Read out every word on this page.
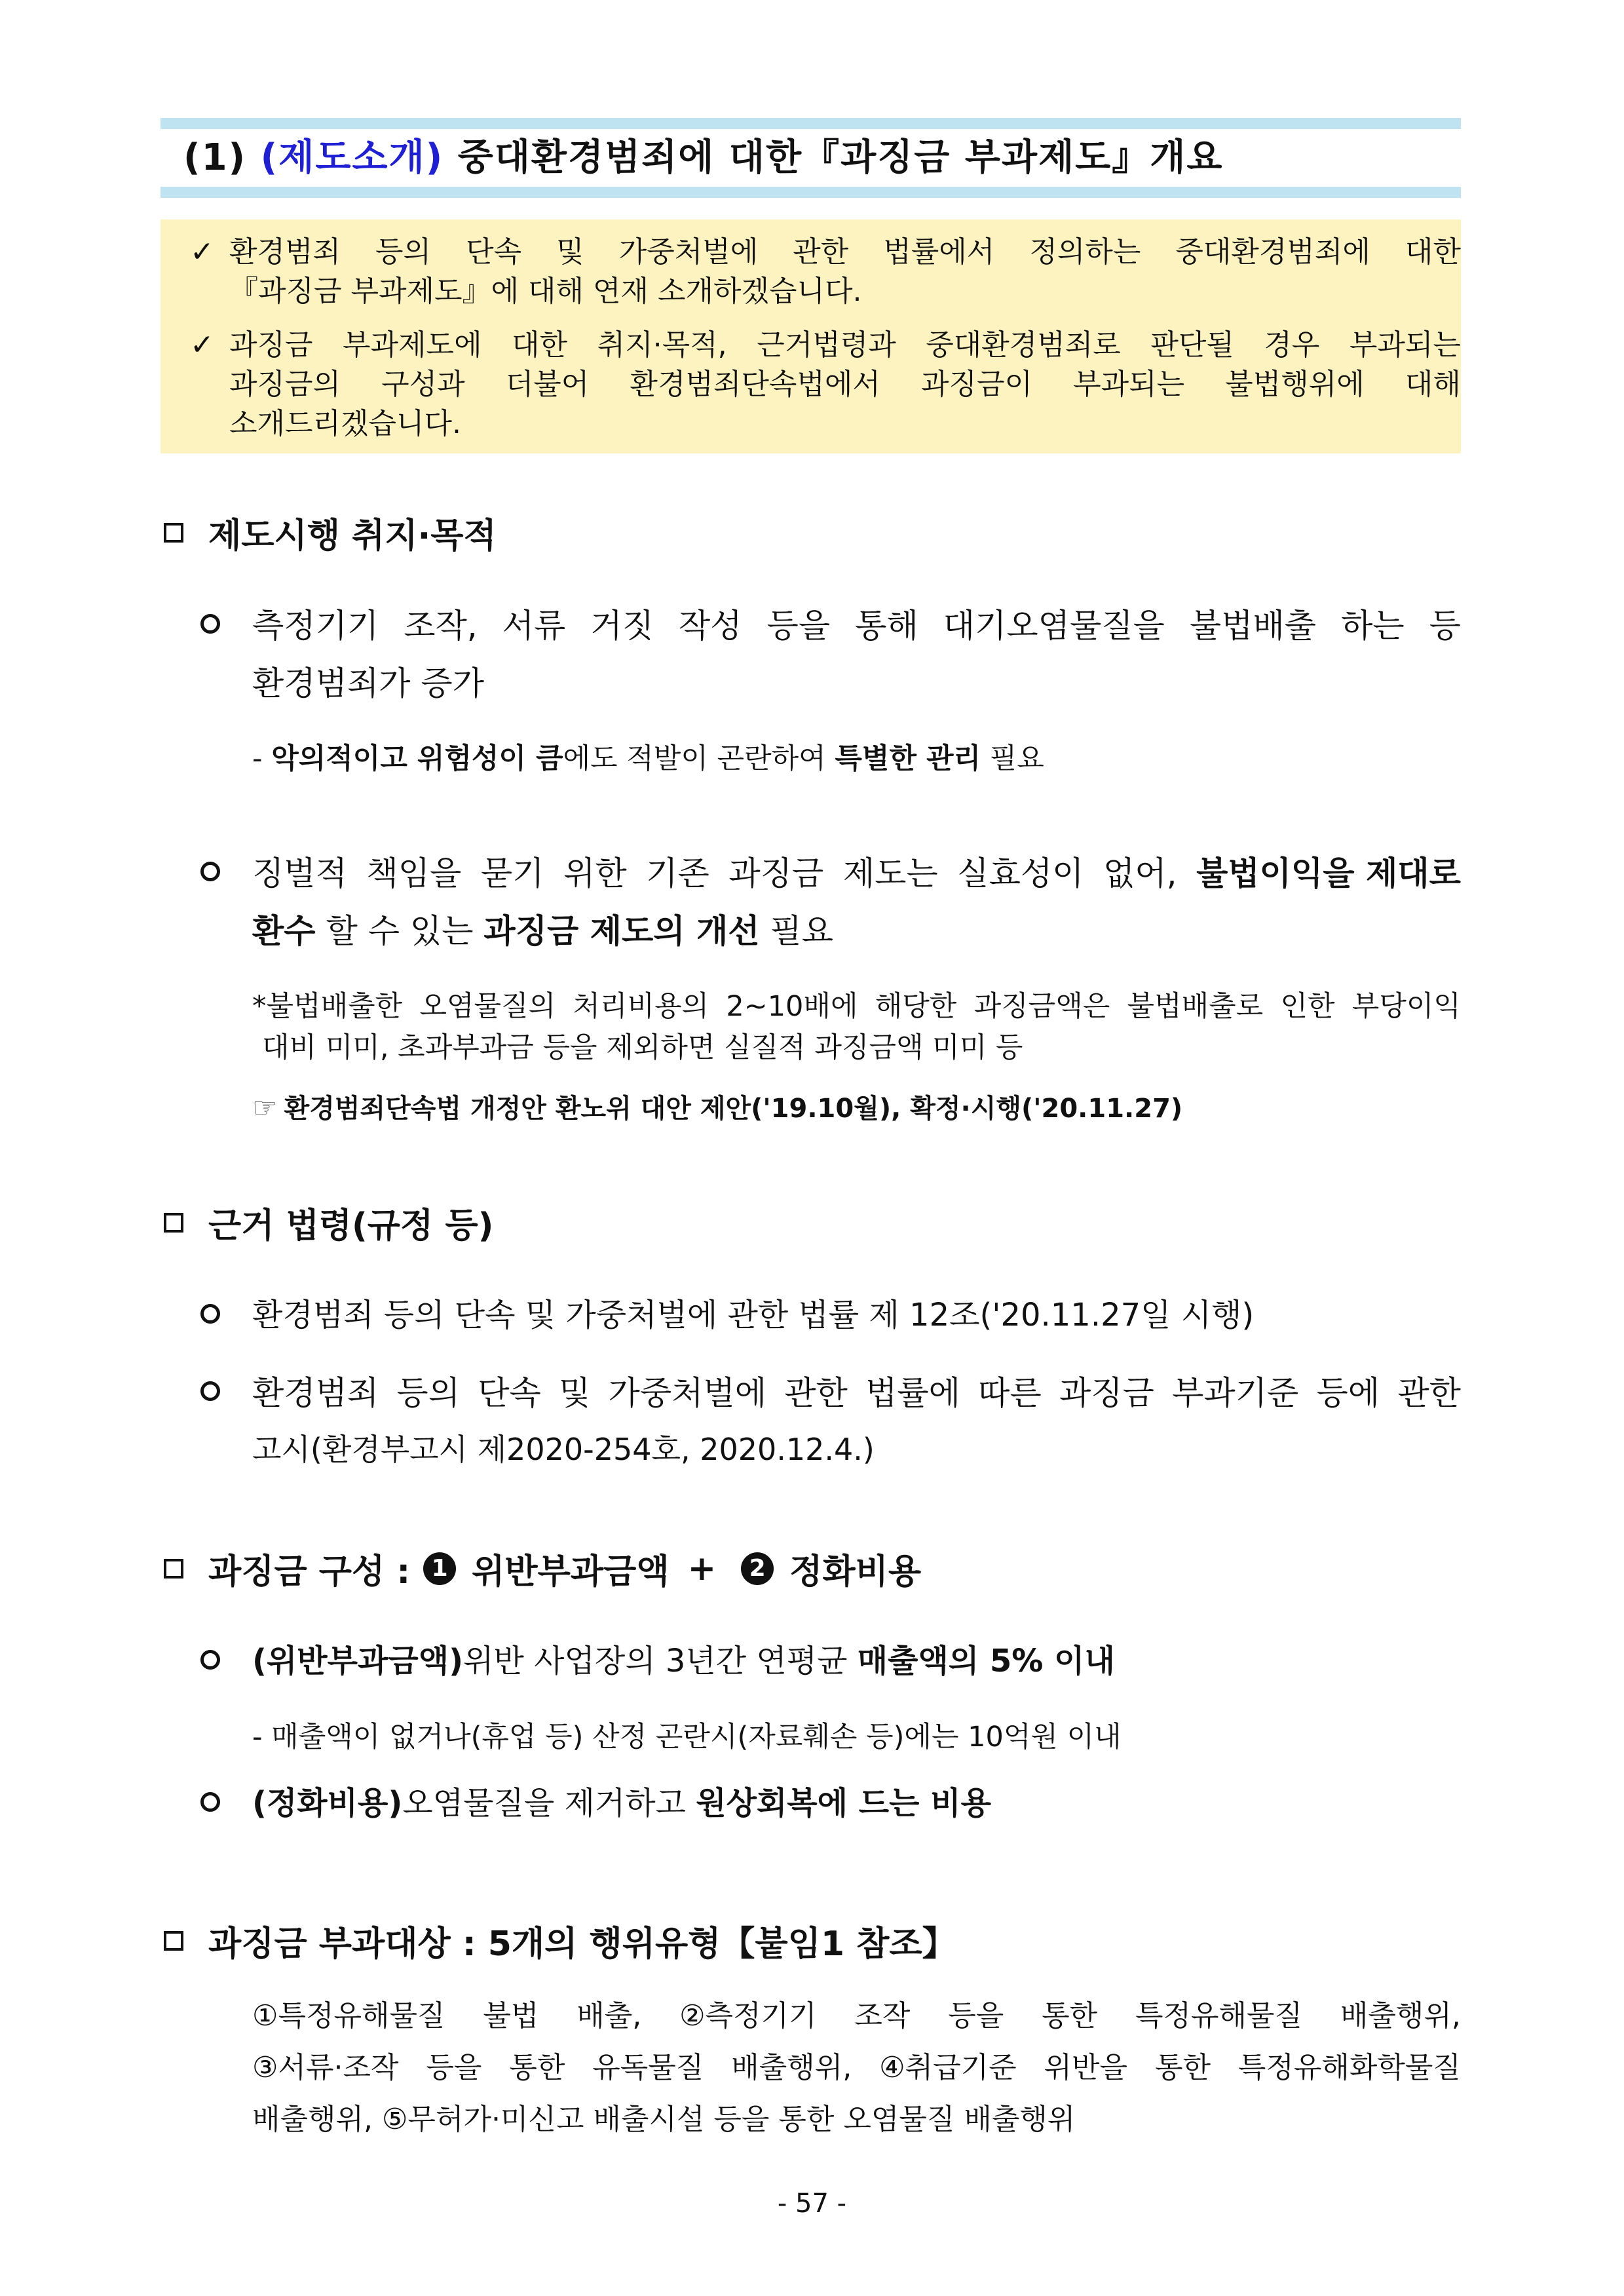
(1) (제도소개) 중대환경범죄에 대한『과징금 부과제도』개요
✓ 환경범죄 등의 단속 및 가중처벌에 관한 법률에서 정의하는 중대환경범죄에 대한
『과징금 부과제도』에 대해 연재 소개하겠습니다.
✓ 과징금 부과제도에 대한 취지·목적, 근거법령과 중대환경범죄로 판단될 경우 부과되는
과징금의 구성과 더불어 환경범죄단속법에서 과징금이 부과되는 불법행위에 대해
소개드리겠습니다.
제도시행 취지·목적
측정기기 조작, 서류 거짓 작성 등을 통해 대기오염물질을 불법배출 하는 등
환경범죄가 증가
- 악의적이고 위험성이 큼에도 적발이 곤란하여 특별한 관리 필요
징벌적 책임을 묻기 위한 기존 과징금 제도는 실효성이 없어, 불법이익을 제대로
환수 할 수 있는 과징금 제도의 개선 필요
*불법배출한 오염물질의 처리비용의 2~10배에 해당한 과징금액은 불법배출로 인한 부당이익
대비 미미, 초과부과금 등을 제외하면 실질적 과징금액 미미 등
☞ 환경범죄단속법 개정안 환노위 대안 제안('19.10월), 확정·시행('20.11.27)
근거 법령(규정 등)
환경범죄 등의 단속 및 가중처벌에 관한 법률 제 12조('20.11.27일 시행)
환경범죄 등의 단속 및 가중처벌에 관한 법률에 따른 과징금 부과기준 등에 관한
고시(환경부고시 제2020-254호, 2020.12.4.)
과징금 구성 : 1 위반부과금액 +	2 정화비용
(위반부과금액)위반 사업장의 3년간 연평균 매출액의 5% 이내
- 매출액이 없거나(휴업 등) 산정 곤란시(자료훼손 등)에는 10억원 이내
(정화비용)오염물질을 제거하고 원상회복에 드는 비용
과징금 부과대상 : 5개의 행위유형【붙임1 참조】
①특정유해물질 불법 배출, ②측정기기 조작 등을 통한 특정유해물질 배출행위,
③서류·조작 등을 통한 유독물질 배출행위, ④취급기준 위반을 통한 특정유해화학물질
배출행위, ⑤무허가·미신고 배출시설 등을 통한 오염물질 배출행위
- 57 -
